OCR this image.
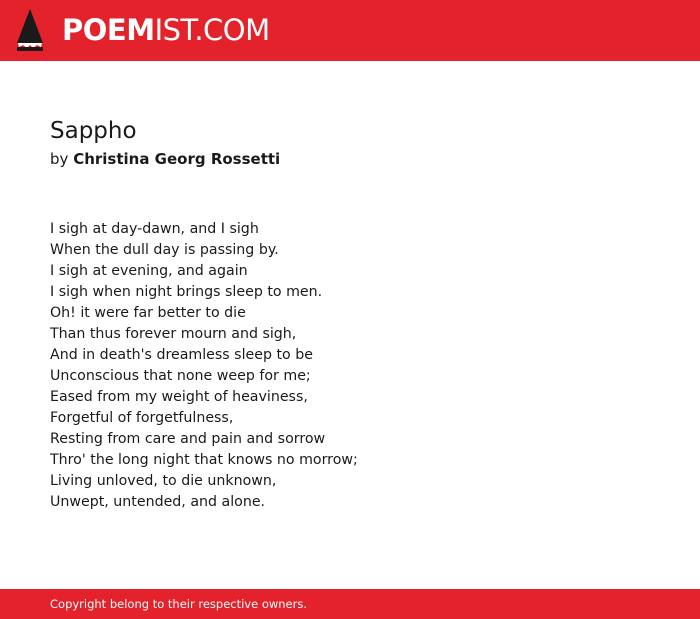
POEMIST.COM
Sappho
by Christina Georg Rossetti
I sigh at day-dawn, and I sigh
When the dull day is passing by.
I sigh at evening, and again
I sigh when night brings sleep to men.
Oh! it were far better to die
Than thus forever mourn and sigh,
And in death's dreamless sleep to be
Unconscious that none weep for me;
Eased from my weight of heaviness,
Forgetful of forgetfulness,
Resting from care and pain and sorrow
Thro' the long night that knows no morrow;
Living unloved, to die unknown,
Unwept, untended, and alone.
Copyright belong to their respective owners.
